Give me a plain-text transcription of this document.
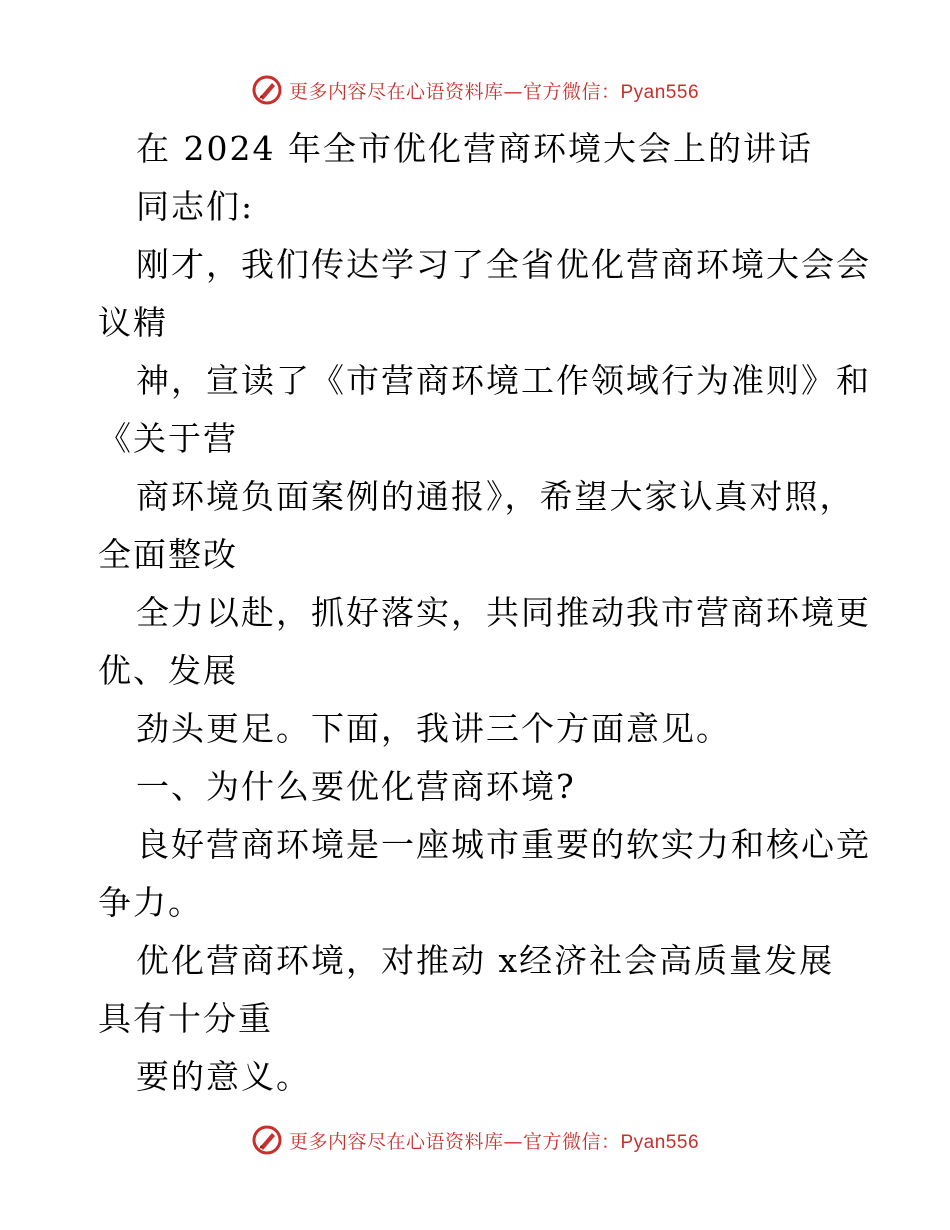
更多内容尽在心语资料库—官方微信：Pyan556
在 2024 年全市优化营商环境大会上的讲话
同志们:
刚才，我们传达学习了全省优化营商环境大会会
议精
神，宣读了《市营商环境工作领域行为准则》和
《关于营
商环境负面案例的通报》，希望大家认真对照，
全面整改
全力以赴，抓好落实，共同推动我市营商环境更
优、发展
劲头更足。下面，我讲三个方面意见。
一、为什么要优化营商环境?
良好营商环境是一座城市重要的软实力和核心竞
争力。
优化营商环境，对推动 x经济社会高质量发展
具有十分重
要的意义。
更多内容尽在心语资料库—官方微信：Pyan556
